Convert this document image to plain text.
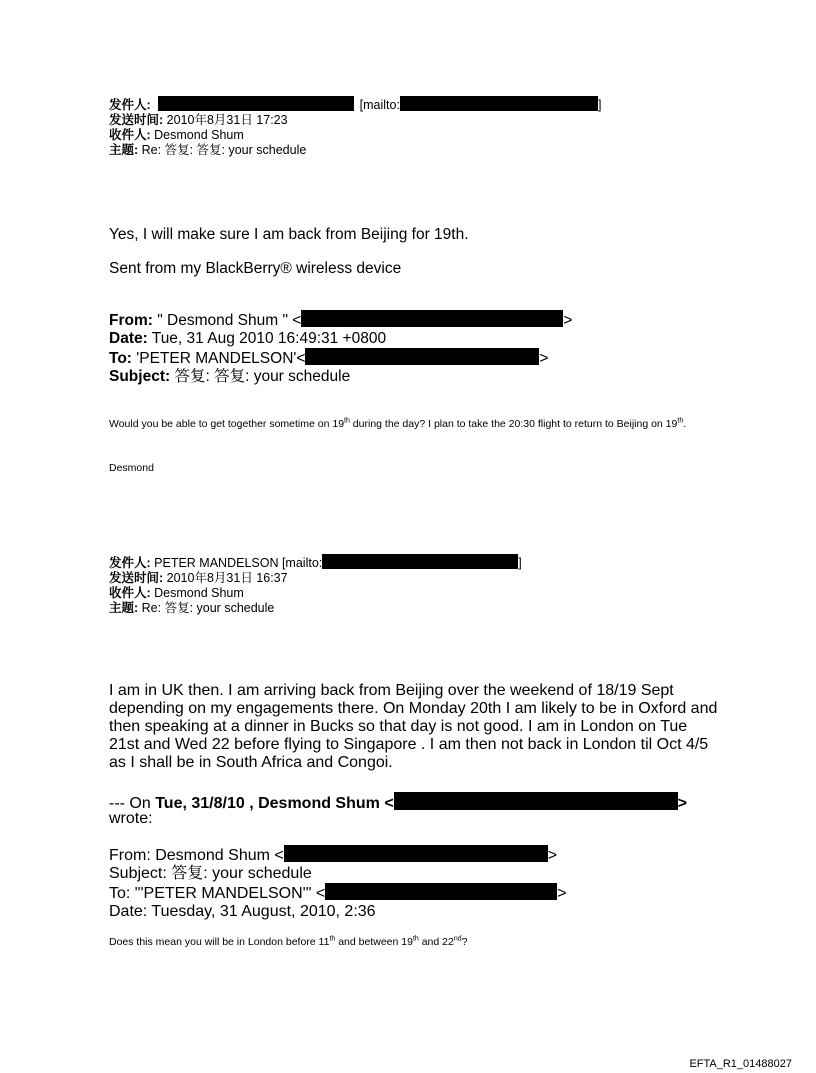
发件人:	[mailto:	]
发送时间: 2010年8月31日 17:23
收件人: Desmond Shum
主题: Re: 答复: 答复: your schedule
Yes, I will make sure I am back from Beijing for 19th.
Sent from my BlackBerry® wireless device
From: " Desmond Shum " <	>
Date: Tue, 31 Aug 2010 16:49:31 +0800
To: 'PETER MANDELSON'<	>
Subject: 答复: 答复: your schedule
Would you be able to get together sometime on 19th during the day? I plan to take the 20:30 flight to return to Beijing on 19th.
Desmond
发件人: PETER MANDELSON [mailto:	]
发送时间: 2010年8月31日 16:37
收件人: Desmond Shum
主题: Re: 答复: your schedule
I am in UK then. I am arriving back from Beijing over the weekend of 18/19 Sept
depending on my engagements there. On Monday 20th I am likely to be in Oxford and
then speaking at a dinner in Bucks so that day is not good. I am in London on Tue
21st and Wed 22 before flying to Singapore . I am then not back in London til Oct 4/5
as I shall be in South Africa and Congoi.
--- On Tue, 31/8/10 , Desmond Shum <	>
wrote:
From: Desmond Shum <	>
Subject: 答复: your schedule
To: "'PETER MANDELSON'" <	>
Date: Tuesday, 31 August, 2010, 2:36
Does this mean you will be in London before 11th and between 19th and 22nd?
EFTA_R1_01488027
